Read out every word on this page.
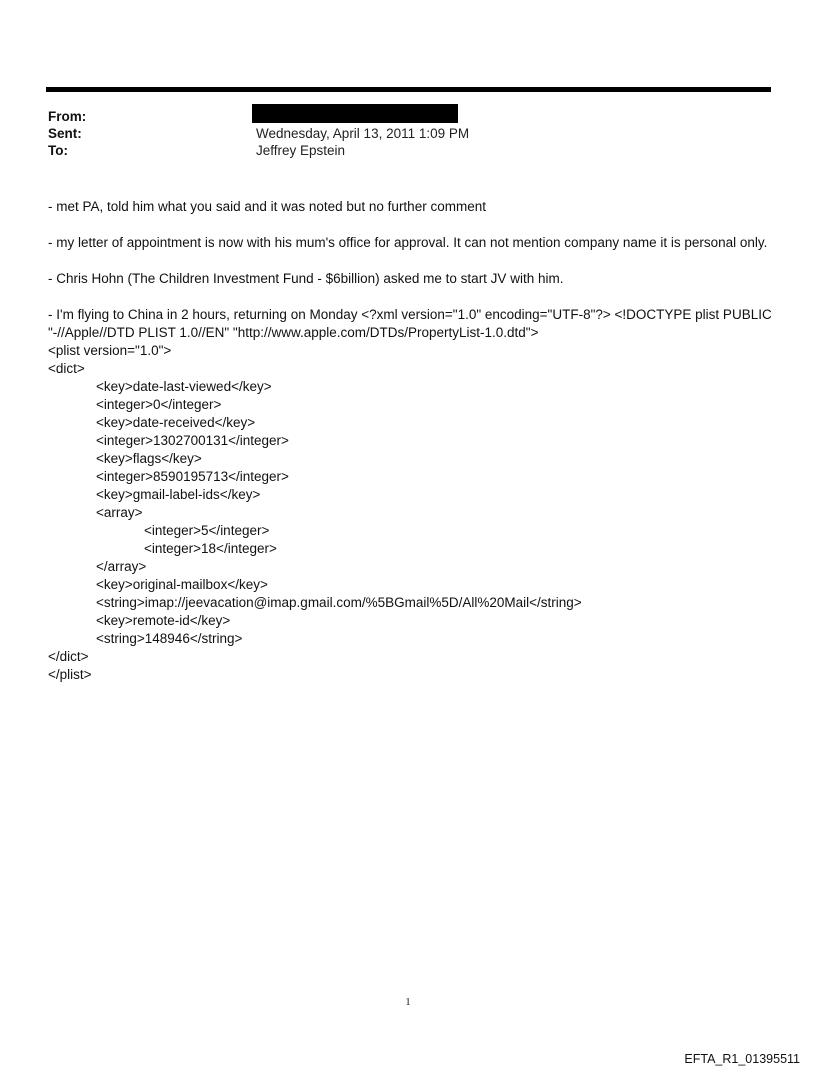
From:
Sent:	Wednesday, April 13, 2011 1:09 PM
To:	Jeffrey Epstein

- met PA, told him what you said and it was noted but no further comment

- my letter of appointment is now with his mum's office for approval. It can not mention company name it is personal only.

- Chris Hohn (The Children Investment Fund - $6billion) asked me to start JV with him.

- I'm flying to China in 2 hours, returning on Monday <?xml version="1.0" encoding="UTF-8"?> <!DOCTYPE plist PUBLIC
"-//Apple//DTD PLIST 1.0//EN" "http://www.apple.com/DTDs/PropertyList-1.0.dtd">
<plist version="1.0">
<dict>
<key>date-last-viewed</key>
<integer>0</integer>
<key>date-received</key>
<integer>1302700131</integer>
<key>flags</key>
<integer>8590195713</integer>
<key>gmail-label-ids</key>
<array>
<integer>5</integer>
<integer>18</integer>
</array>
<key>original-mailbox</key>
<string>imap://jeevacation@imap.gmail.com/%5BGmail%5D/All%20Mail</string>
<key>remote-id</key>
<string>148946</string>
</dict>
</plist>
1
EFTA_R1_01395511
